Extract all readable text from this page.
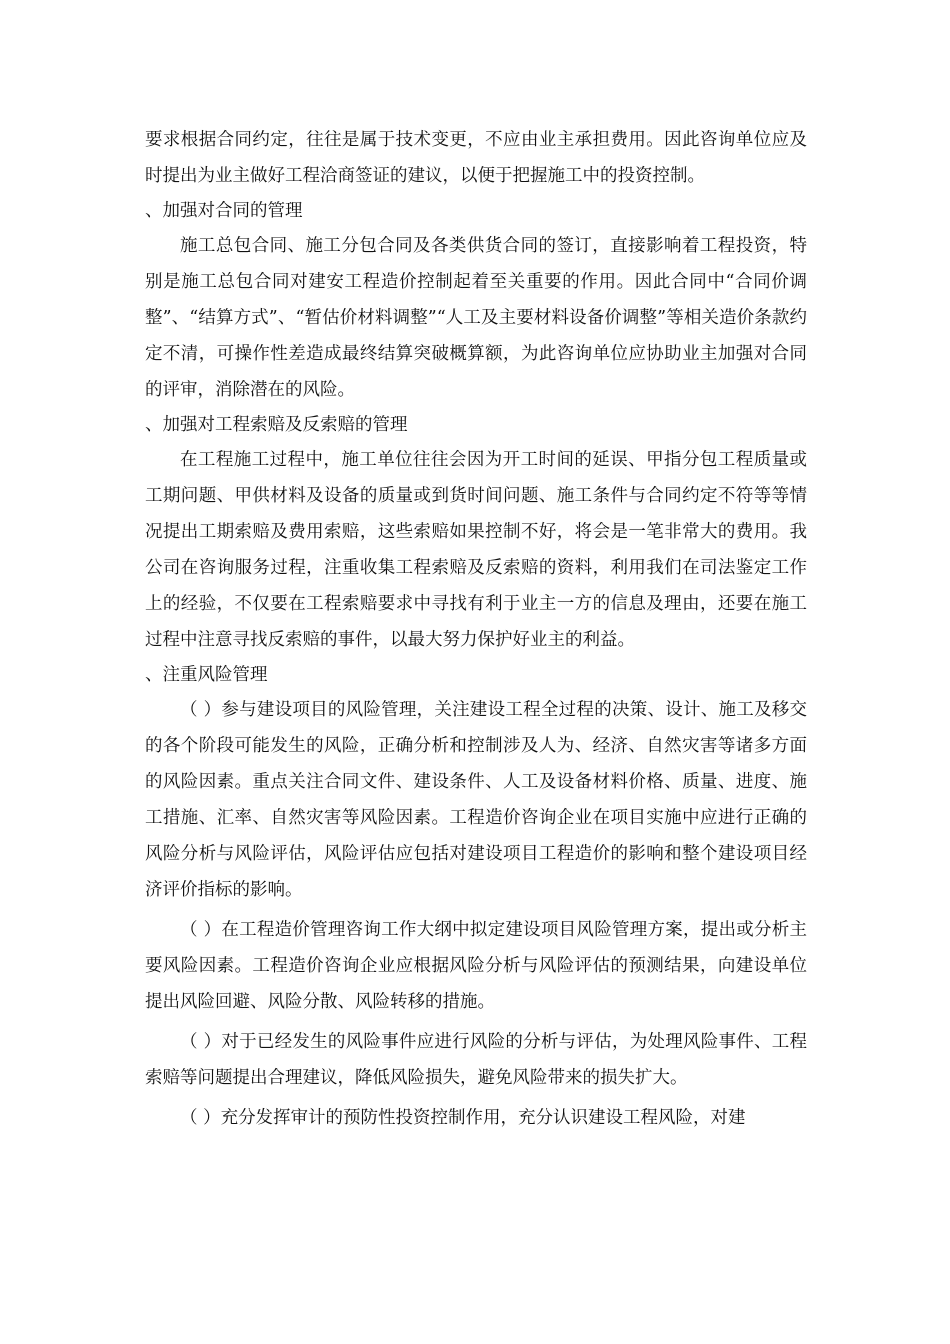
要求根据合同约定，往往是属于技术变更，不应由业主承担费用。因此咨询单位应及时提出为业主做好工程洽商签证的建议，以便于把握施工中的投资控制。

、加强对合同的管理

施工总包合同、施工分包合同及各类供货合同的签订，直接影响着工程投资，特别是施工总包合同对建安工程造价控制起着至关重要的作用。因此合同中“合同价调整”、“结算方式”、“暂估价材料调整”“人工及主要材料设备价调整”等相关造价条款约定不清，可操作性差造成最终结算突破概算额，为此咨询单位应协助业主加强对合同的评审，消除潜在的风险。

、加强对工程索赔及反索赔的管理

在工程施工过程中，施工单位往往会因为开工时间的延误、甲指分包工程质量或工期问题、甲供材料及设备的质量或到货时间问题、施工条件与合同约定不符等等情况提出工期索赔及费用索赔，这些索赔如果控制不好，将会是一笔非常大的费用。我公司在咨询服务过程，注重收集工程索赔及反索赔的资料，利用我们在司法鉴定工作上的经验，不仅要在工程索赔要求中寻找有利于业主一方的信息及理由，还要在施工过程中注意寻找反索赔的事件，以最大努力保护好业主的利益。

、注重风险管理

（ ）参与建设项目的风险管理，关注建设工程全过程的决策、设计、施工及移交的各个阶段可能发生的风险，正确分析和控制涉及人为、经济、自然灾害等诸多方面的风险因素。重点关注合同文件、建设条件、人工及设备材料价格、质量、进度、施工措施、汇率、自然灾害等风险因素。工程造价咨询企业在项目实施中应进行正确的风险分析与风险评估，风险评估应包括对建设项目工程造价的影响和整个建设项目经济评价指标的影响。

（ ）在工程造价管理咨询工作大纲中拟定建设项目风险管理方案，提出或分析主要风险因素。工程造价咨询企业应根据风险分析与风险评估的预测结果，向建设单位提出风险回避、风险分散、风险转移的措施。

（ ）对于已经发生的风险事件应进行风险的分析与评估，为处理风险事件、工程索赔等问题提出合理建议，降低风险损失，避免风险带来的损失扩大。

（ ）充分发挥审计的预防性投资控制作用，充分认识建设工程风险，对建
